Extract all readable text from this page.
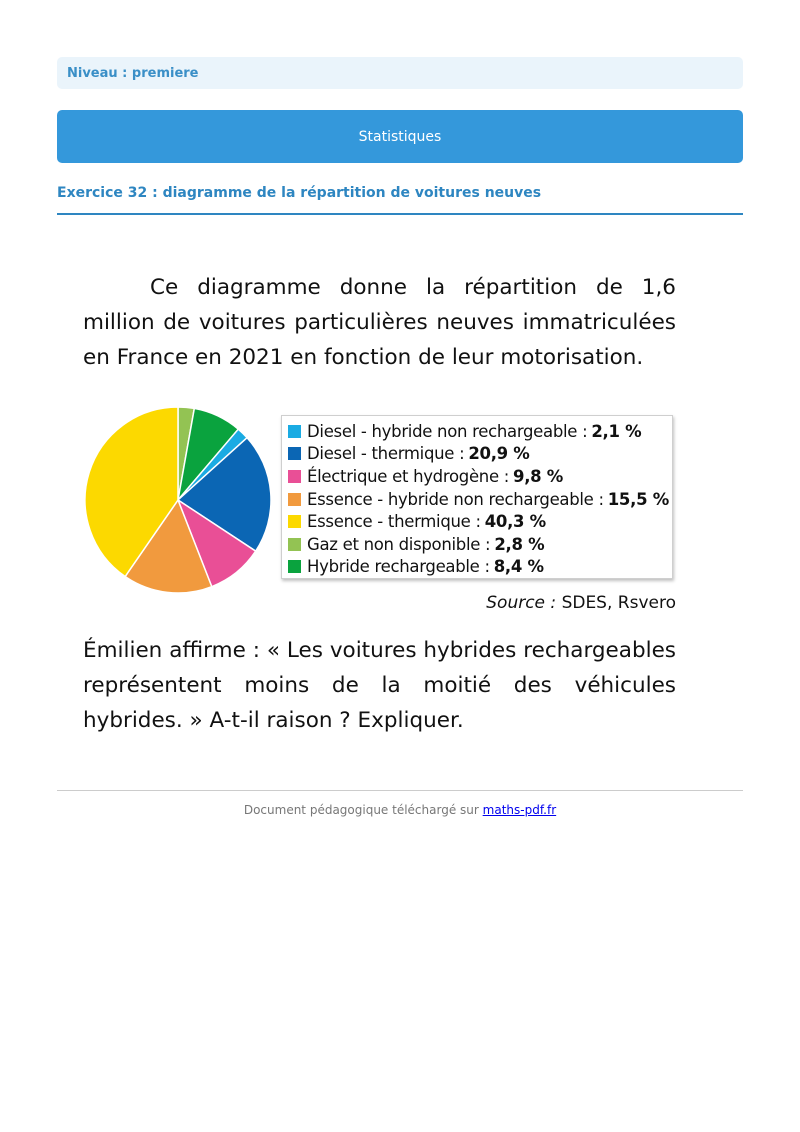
Niveau : premiere
Statistiques
Exercice 32 : diagramme de la répartition de voitures neuves

Ce diagramme donne la répartition de 1,6 million de voitures particulières neuves immatriculées en France en 2021 en fonction de leur motorisation.

Diesel - hybride non rechargeable : 2,1 %
Diesel - thermique : 20,9 %
Électrique et hydrogène : 9,8 %
Essence - hybride non rechargeable : 15,5 %
Essence - thermique : 40,3 %
Gaz et non disponible : 2,8 %
Hybride rechargeable : 8,4 %
Source : SDES, Rsvero

Émilien affirme : « Les voitures hybrides rechargeables représentent moins de la moitié des véhicules hybrides. » A-t-il raison ? Expliquer.

Document pédagogique téléchargé sur maths-pdf.fr
